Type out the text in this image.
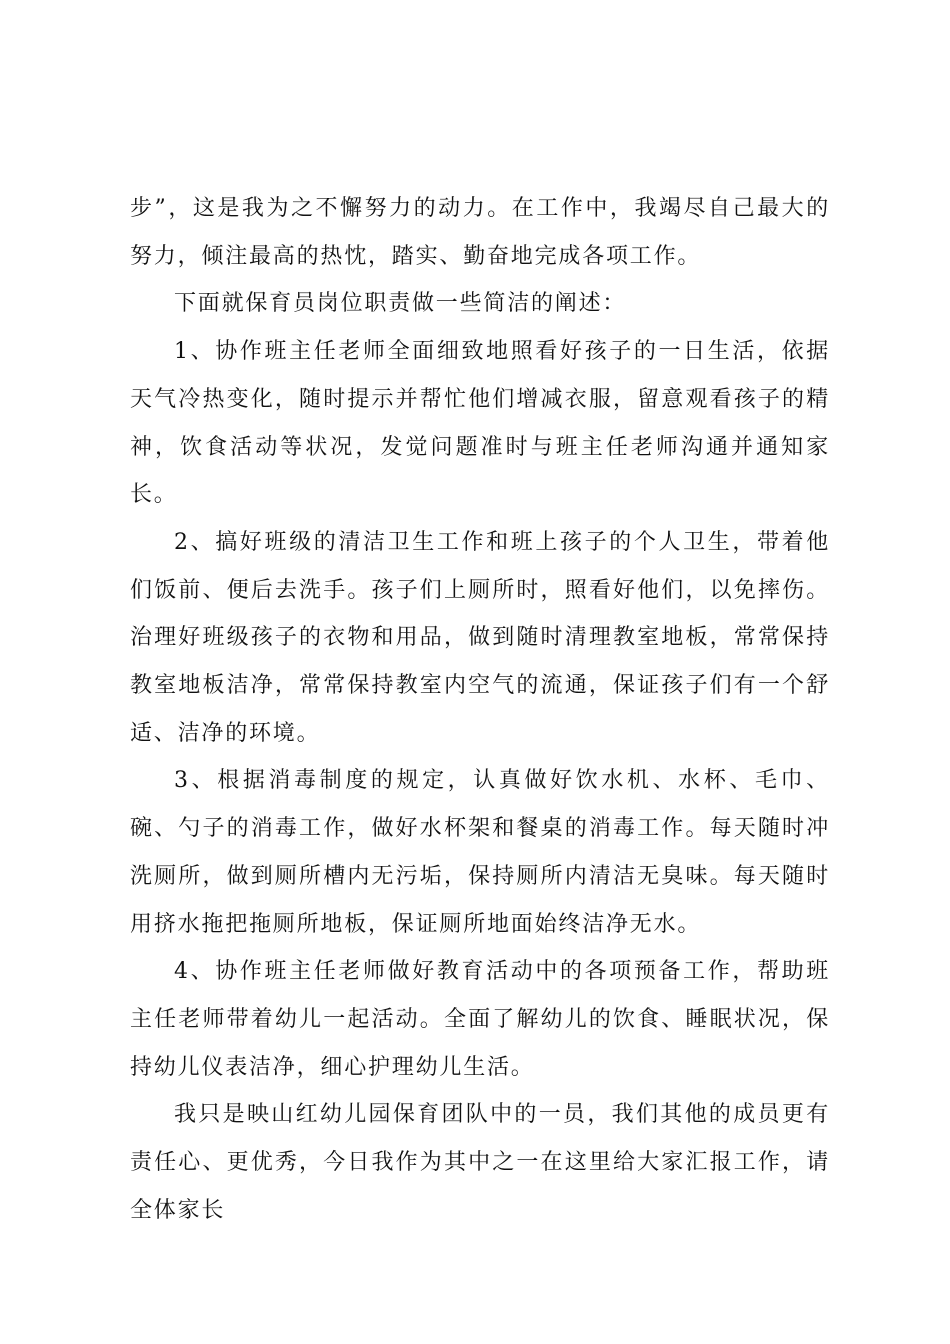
步”，这是我为之不懈努力的动力。在工作中，我竭尽自己最大的努力，倾注最高的热忱，踏实、勤奋地完成各项工作。

下面就保育员岗位职责做一些简洁的阐述：

1、协作班主任老师全面细致地照看好孩子的一日生活，依据天气冷热变化，随时提示并帮忙他们增减衣服，留意观看孩子的精神，饮食活动等状况，发觉问题准时与班主任老师沟通并通知家长。

2、搞好班级的清洁卫生工作和班上孩子的个人卫生，带着他们饭前、便后去洗手。孩子们上厕所时，照看好他们，以免摔伤。治理好班级孩子的衣物和用品，做到随时清理教室地板，常常保持教室地板洁净，常常保持教室内空气的流通，保证孩子们有一个舒适、洁净的环境。

3、根据消毒制度的规定，认真做好饮水机、水杯、毛巾、碗、勺子的消毒工作，做好水杯架和餐桌的消毒工作。每天随时冲洗厕所，做到厕所槽内无污垢，保持厕所内清洁无臭味。每天随时用挤水拖把拖厕所地板，保证厕所地面始终洁净无水。

4、协作班主任老师做好教育活动中的各项预备工作，帮助班主任老师带着幼儿一起活动。全面了解幼儿的饮食、睡眠状况，保持幼儿仪表洁净，细心护理幼儿生活。

我只是映山红幼儿园保育团队中的一员，我们其他的成员更有责任心、更优秀，今日我作为其中之一在这里给大家汇报工作，请全体家长
